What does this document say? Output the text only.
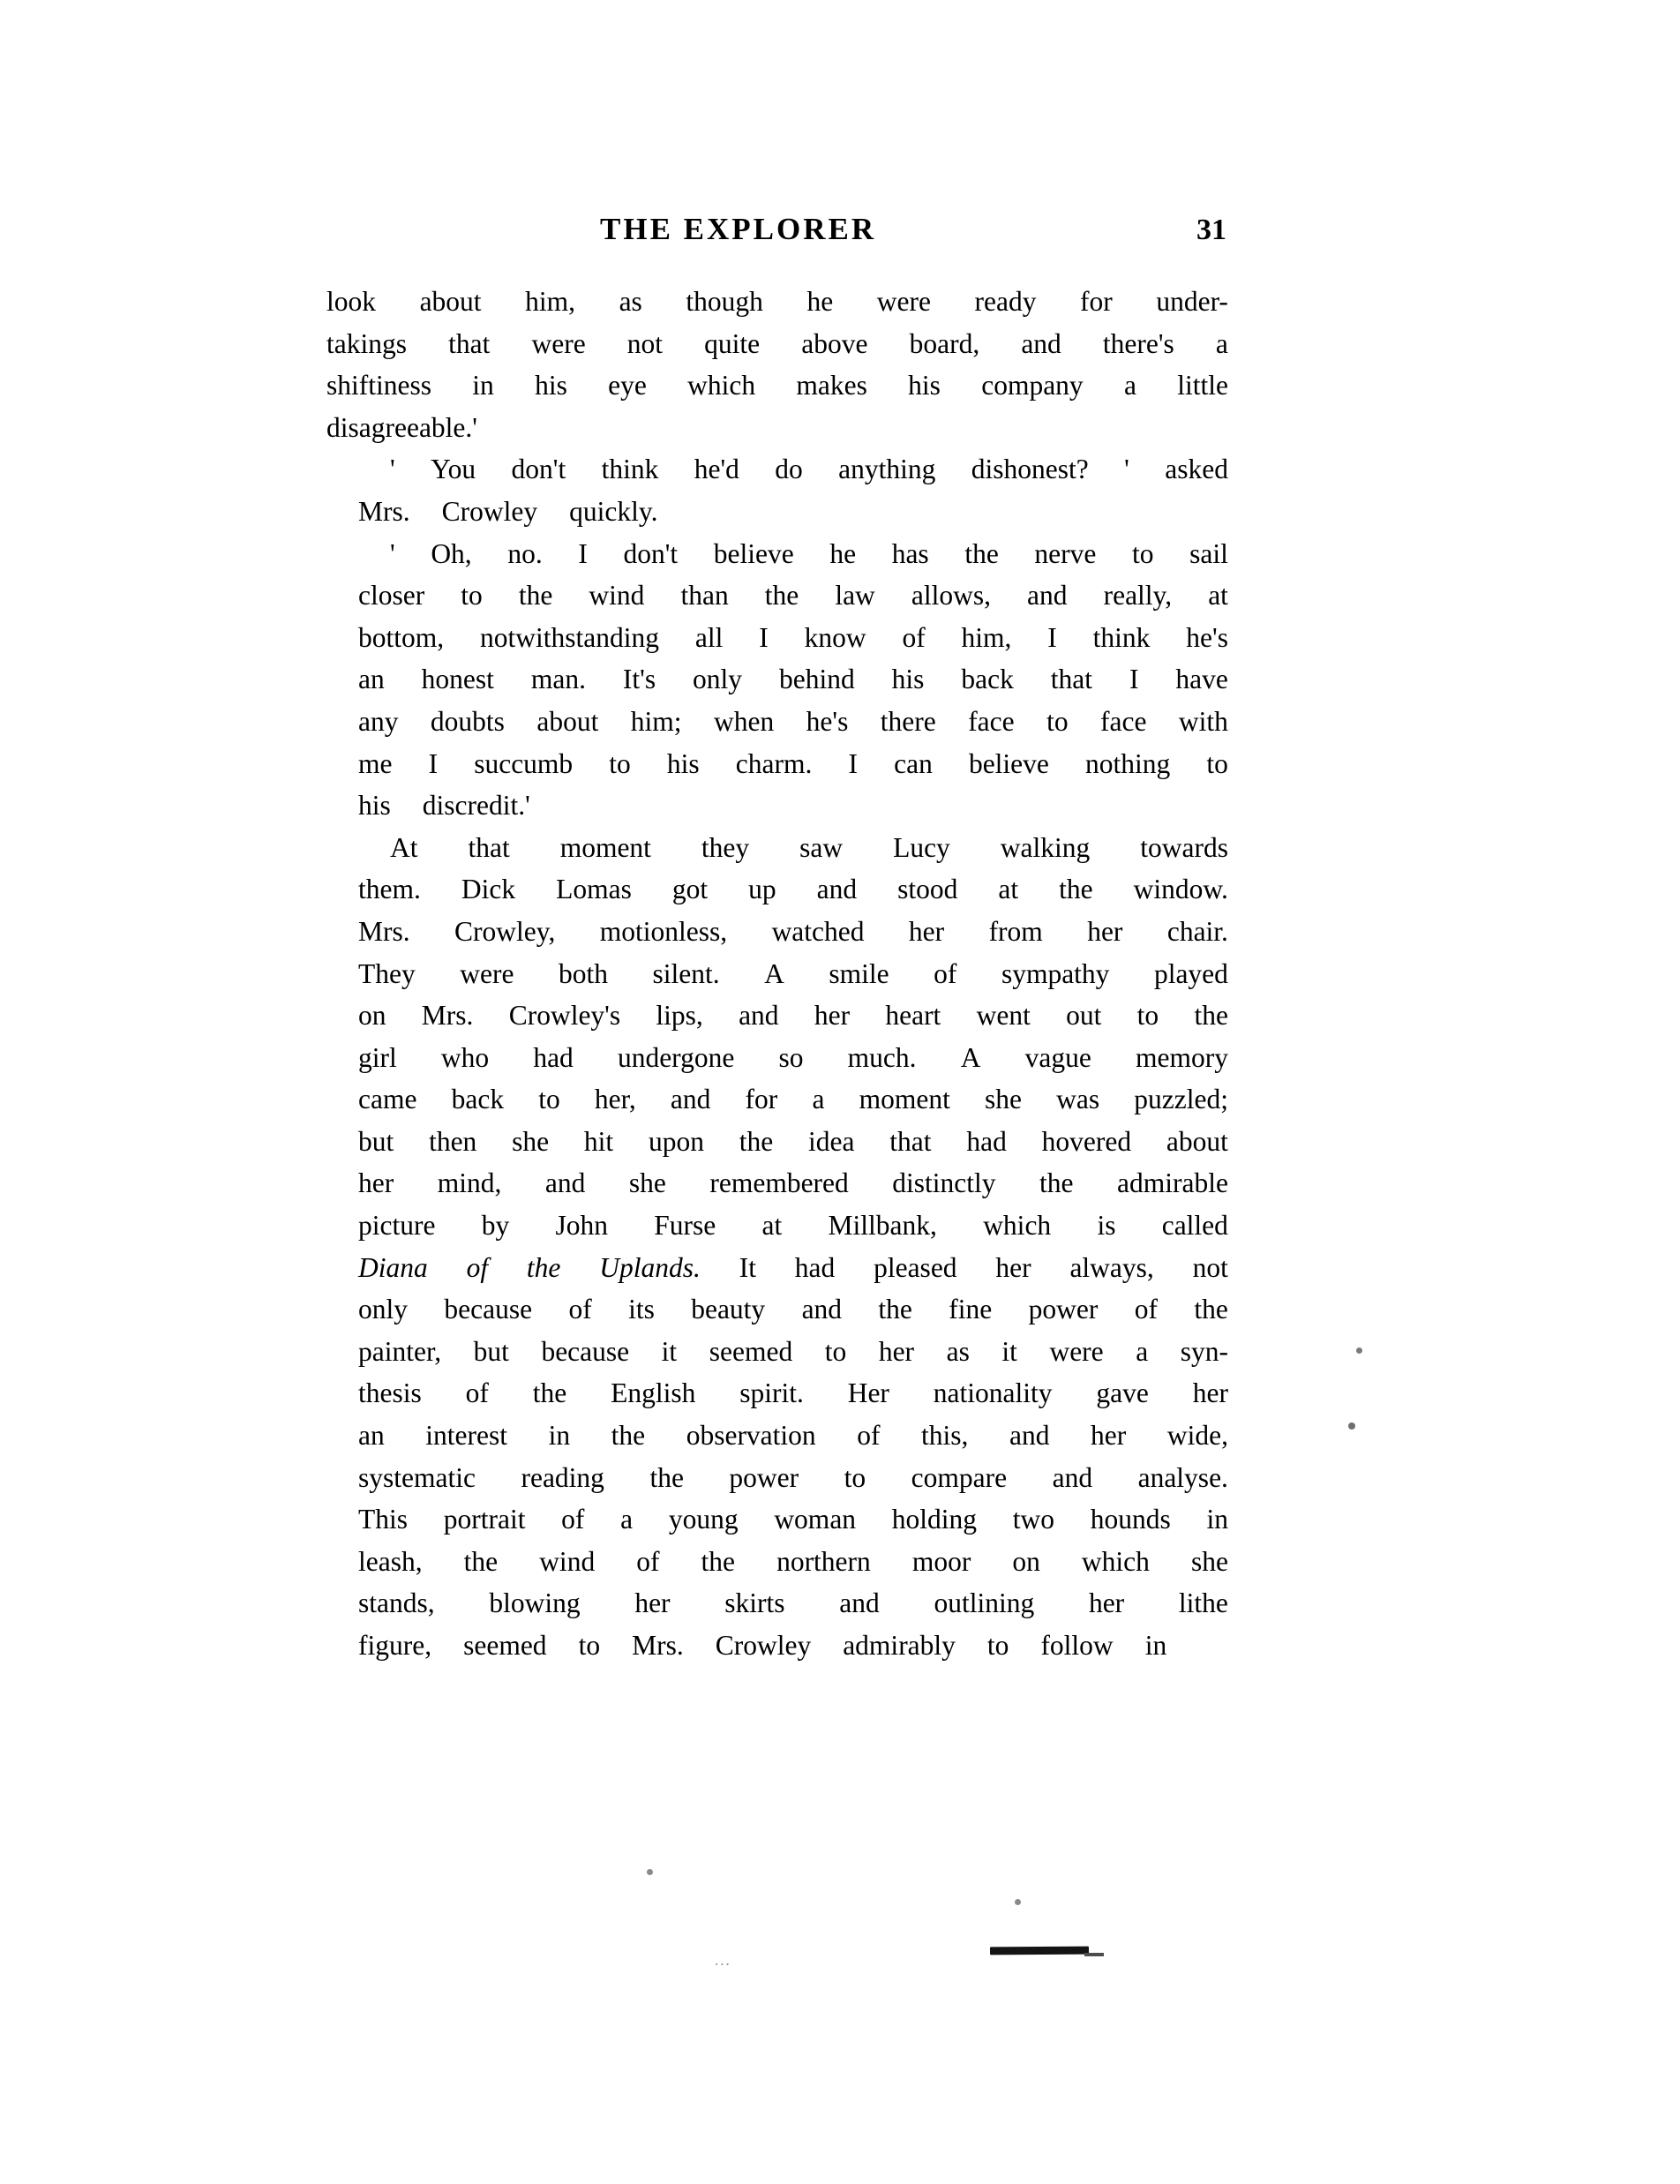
THE EXPLORER	31

look about him, as though he were ready for under-
takings that were not quite above board, and there's a
shiftiness in his eye which makes his company a little
disagreeable.'

'	You	don't	think	he'd	do	anything	dishonest?	'	asked
Mrs.	Crowley	quickly.

'	Oh,	no.	I	don't	believe	he	has	the	nerve	to	sail
closer	to	the	wind	than	the	law	allows,	and	really,	at
bottom,	notwithstanding	all	I	know	of	him,	I	think	he's
an	honest	man.	It's	only	behind	his	back	that	I	have
any	doubts	about	him;	when	he's	there	face	to	face	with
me	I	succumb	to	his	charm.	I	can	believe	nothing	to
his	discredit.'

At	that	moment	they	saw	Lucy	walking	towards
them.	Dick	Lomas	got	up	and	stood	at	the	window.
Mrs.	Crowley,	motionless,	watched	her	from	her	chair.
They	were	both	silent.	A	smile	of	sympathy	played
on	Mrs.	Crowley's	lips,	and	her	heart	went	out	to	the
girl	who	had	undergone	so	much.	A	vague	memory
came	back	to	her,	and	for	a	moment	she	was	puzzled;
but	then	she	hit	upon	the	idea	that	had	hovered	about
her	mind,	and	she	remembered	distinctly	the	admirable
picture	by	John	Furse	at	Millbank,	which	is	called
Diana	of	the	Uplands.	It	had	pleased	her	always,	not
only	because	of	its	beauty	and	the	fine	power	of	the
painter,	but	because	it	seemed	to	her	as	it	were	a	syn-
thesis	of	the	English	spirit.	Her	nationality	gave	her
an	interest	in	the	observation	of	this,	and	her	wide,
systematic	reading	the	power	to	compare	and	analyse.
This	portrait	of	a	young	woman	holding	two	hounds	in
leash,	the	wind	of	the	northern	moor	on	which	she
stands,	blowing	her	skirts	and	outlining	her	lithe
figure,	seemed	to	Mrs.	Crowley	admirably	to	follow	in

...
